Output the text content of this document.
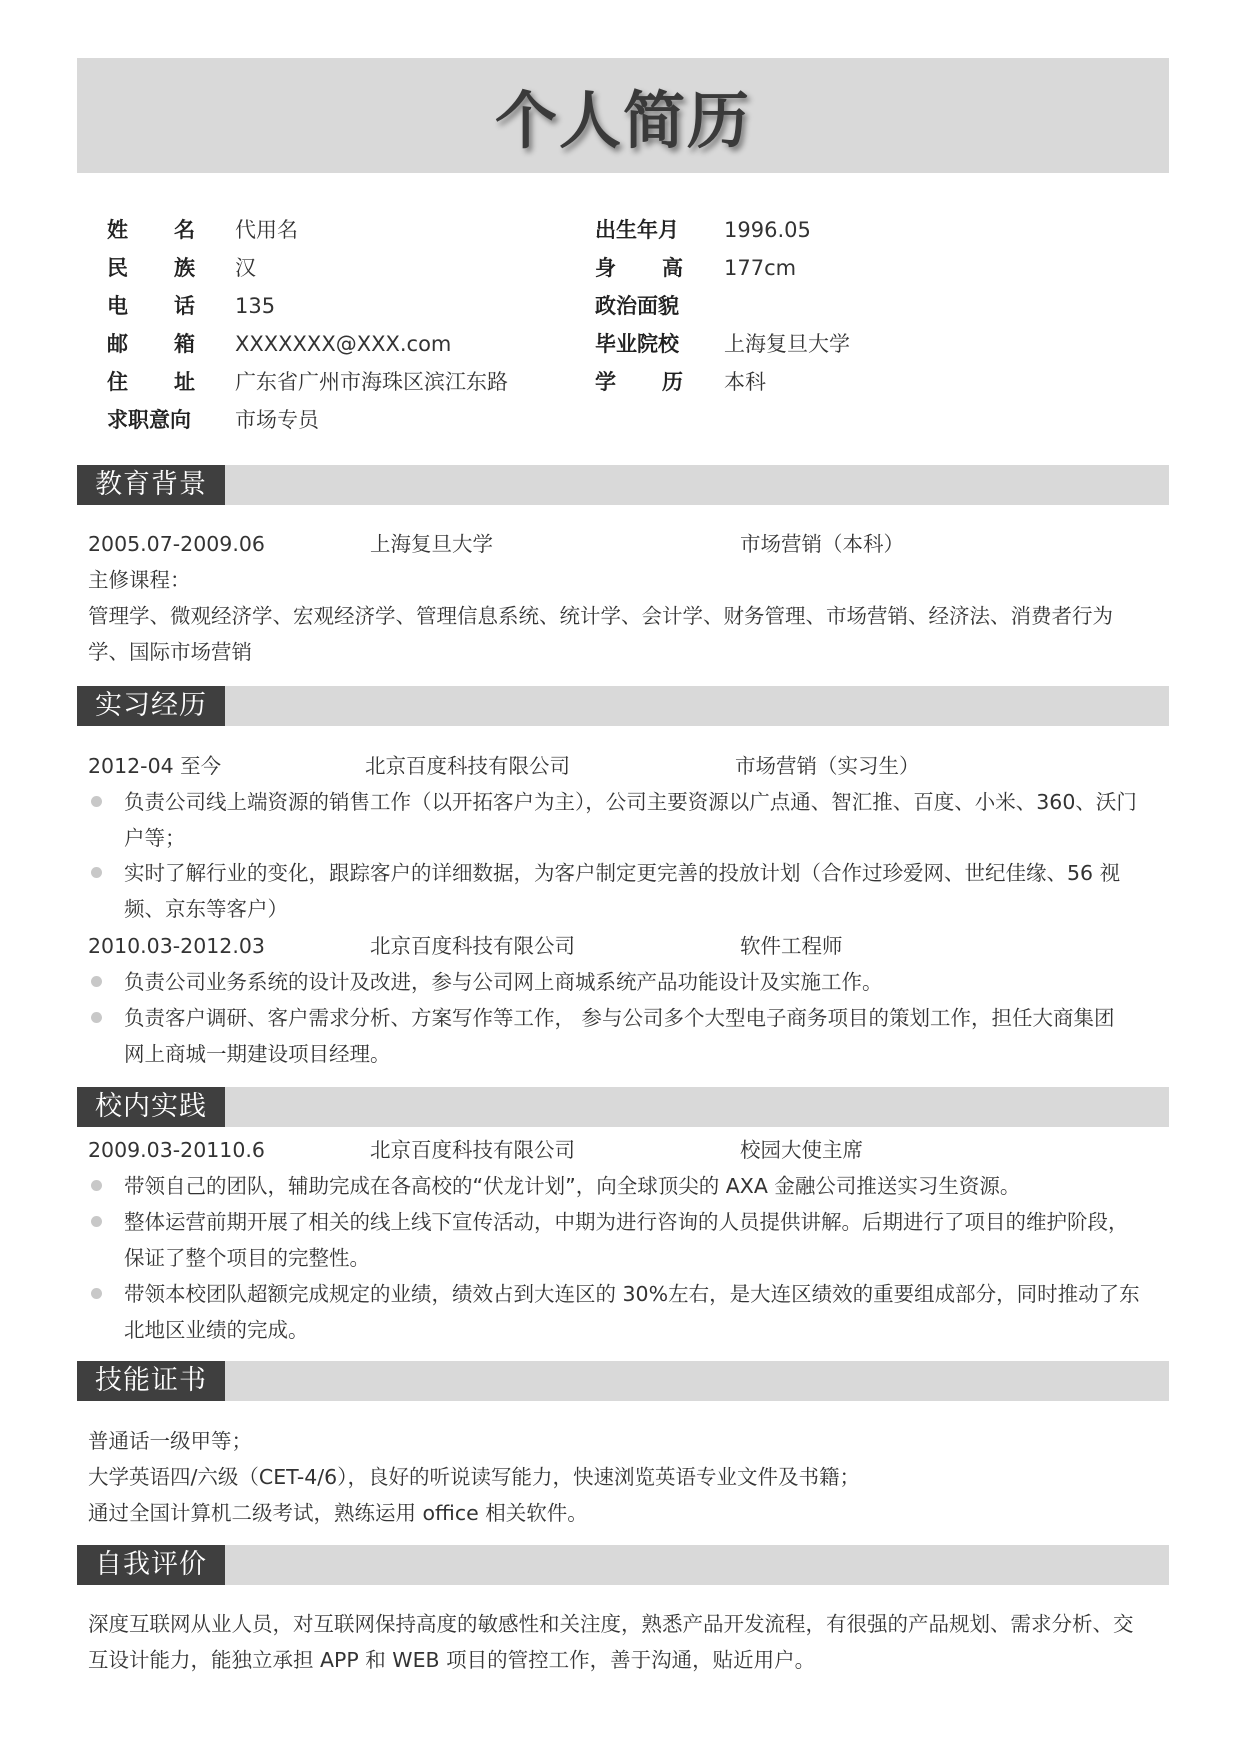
个人简历
姓 名 代用名	出生年月 1996.05
民 族 汉	身 高 177cm
电 话 135	政治面貌
邮 箱 XXXXXXX@XXX.com	毕业院校 上海复旦大学
住 址 广东省广州市海珠区滨江东路	学 历 本科
求职意向 市场专员
教育背景
2005.07-2009.06	上海复旦大学	市场营销（本科）
主修课程：
管理学、微观经济学、宏观经济学、管理信息系统、统计学、会计学、财务管理、市场营销、经济法、消费者行为
学、国际市场营销
实习经历
2012-04 至今	北京百度科技有限公司	市场营销（实习生）
负责公司线上端资源的销售工作（以开拓客户为主），公司主要资源以广点通、智汇推、百度、小米、360、沃门
户等；
实时了解行业的变化，跟踪客户的详细数据，为客户制定更完善的投放计划（合作过珍爱网、世纪佳缘、56 视
频、京东等客户）
2010.03-2012.03	北京百度科技有限公司	软件工程师
负责公司业务系统的设计及改进，参与公司网上商城系统产品功能设计及实施工作。
负责客户调研、客户需求分析、方案写作等工作， 参与公司多个大型电子商务项目的策划工作，担任大商集团
网上商城一期建设项目经理。
校内实践
2009.03-20110.6	北京百度科技有限公司	校园大使主席
带领自己的团队，辅助完成在各高校的“伏龙计划”，向全球顶尖的 AXA 金融公司推送实习生资源。
整体运营前期开展了相关的线上线下宣传活动，中期为进行咨询的人员提供讲解。后期进行了项目的维护阶段，
保证了整个项目的完整性。
带领本校团队超额完成规定的业绩，绩效占到大连区的 30%左右，是大连区绩效的重要组成部分，同时推动了东
北地区业绩的完成。
技能证书
普通话一级甲等；
大学英语四/六级（CET-4/6），良好的听说读写能力，快速浏览英语专业文件及书籍；
通过全国计算机二级考试，熟练运用 office 相关软件。
自我评价
深度互联网从业人员，对互联网保持高度的敏感性和关注度，熟悉产品开发流程，有很强的产品规划、需求分析、交
互设计能力，能独立承担 APP 和 WEB 项目的管控工作，善于沟通，贴近用户。
